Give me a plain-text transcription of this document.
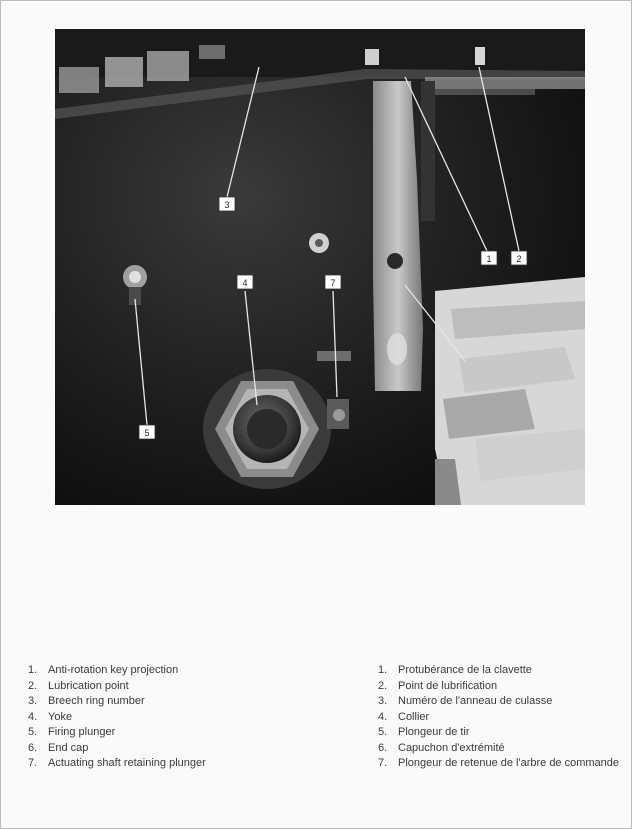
3
1	2
4	7
5
1. Anti-rotation key projection
2. Lubrication point
3. Breech ring number
4. Yoke
5. Firing plunger
6. End cap
7. Actuating shaft retaining plunger
1. Protubérance de la clavette
2. Point de lubrification
3. Numéro de l'anneau de culasse
4. Collier
5. Plongeur de tir
6. Capuchon d'extrémité
7. Plongeur de retenue de l'arbre de commande
